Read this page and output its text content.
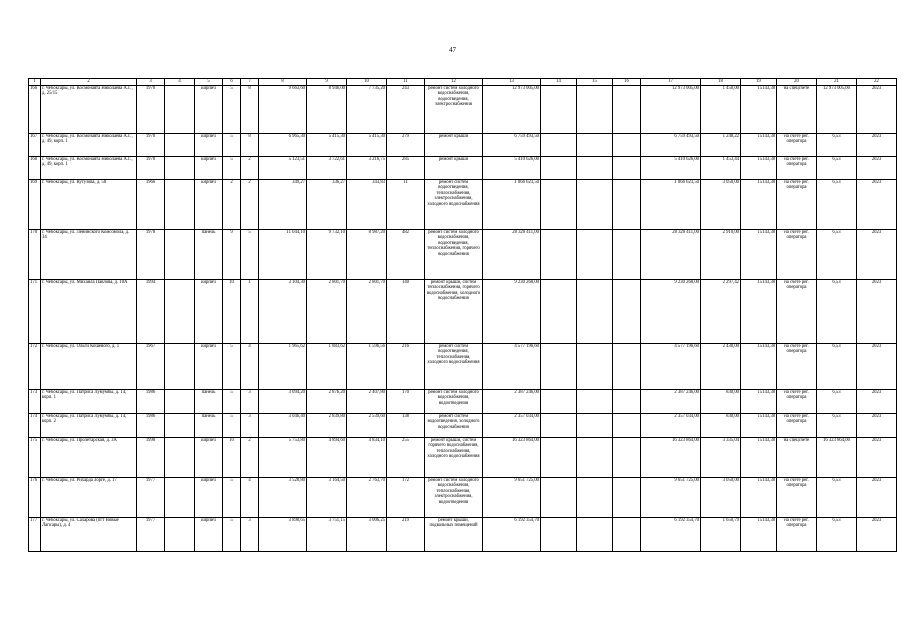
47
1	2	3	4	5	6	7	8	9	10	11	12	13	14	15	16	17	18	19	20	21	22
166	г. Чебоксары, ул. Космонавта Николаева А.Г., д. 25/15	1970		кирпич	5	8	9 663,60	8 946,00	7 735,20	243	ремонт систем холодного водоснабжения, водоотведения, электроснабжения	12 973 005,00				12 973 005,00	1 450,00	15143,38	на спецсчете	12 973 005,00	2023
167	г. Чебоксары, ул. Космонавта Николаева А.Г., д. 49, корп. 1	1970		кирпич	5	8	6 965,30	5 415,30	5 415,30	279	ремонт крыши	6 759 493,50				6 759 493,50	1 248,22	15143,38	на счете рег. оператора	6,53	2023
168	г. Чебоксары, ул. Космонавта Николаева А.Г., д. 49, корп. 1	1970		кирпич	5	2	5 123,51	3 722,61	3 216,75	285	ремонт крыши	5 410 626,00				5 410 626,00	1 453,44	15143,38	на счете рег. оператора	6,53	2023
169	г. Чебоксары, ул. Кутузова, д. 58	1966		кирпич	2	2	349,27	336,27	343,83	11	ремонт систем водоотведения, теплоснабжения, электроснабжения, холодного водоснабжения	1 066 623,50				1 066 623,50	3 050,00	15143,38	на счете рег. оператора	6,53	2023
170	г. Чебоксары, ул. Ленинского Комсомола, д. 34	1978		панель	9	5	11 044,10	9 732,10	8 987,20	482	ремонт систем холодного водоснабжения, водоотведения, теплоснабжения, горячего водоснабжения	28 320 411,00				28 320 411,00	2 910,00	15143,38	на счете рег. оператора	6,53	2023
171	г. Чебоксары, ул. Михаила Павлова, д. 10А	1994		кирпич	10	1	3 104,30	2 801,70	2 801,70	140	ремонт крыши, систем теплоснабжения, горячего водоснабжения, холодного водоснабжения	9 230 268,00				9 230 268,00	2 297,42	15143,38	на счете рег. оператора	6,53	2023
172	г. Чебоксары, ул. Ольги Кошевого, д. 1	1967		кирпич	5	4	1 965,62	1 883,62	1 596,56	216	ремонт систем водоотведения, теплоснабжения, холодного водоснабжения	4 577 196,60				4 577 196,60	2 430,00	15143,38	на счете рег. оператора	6,53	2023
173	г. Чебоксары, ул. Патриса Лумумбы, д. 14, корп. 1	1986		панель	5	3	3 094,20	2 876,20	2 407,80	170	ремонт систем холодного водоснабжения, водоотведения	2 387 246,00				2 387 246,00	830,00	15143,38	на счете рег. оператора	6,53	2023
174	г. Чебоксары, ул. Патриса Лумумбы, д. 14, корп. 2	1986		панель	5	3	3 046,40	2 839,80	2 539,60	138	ремонт систем водоотведения, холодного водоснабжения	2 357 034,00				2 357 034,00	830,00	15143,38	на счете рег. оператора	6,53	2023
175	г. Чебоксары, ул. Пролетарская, д. 3А	1998		кирпич	10	2	5 753,80	4 894,60	4 834,10	255	ремонт крыши, систем горячего водоснабжения, теплоснабжения, холодного водоснабжения	16 323 864,00				16 323 864,00	3 335,04	15143,38	на спецсчете	16 323 864,00	2023
176	г. Чебоксары, ул. Рихарда Зорге, д. 17	1977		кирпич	5	4	3 528,80	3 164,50	2 763,70	172	ремонт систем холодного водоснабжения, теплоснабжения, электроснабжения, водоотведения	9 651 725,00				9 651 725,00	3 050,00	15143,38	на счете рег. оператора	6,53	2023
177	г. Чебоксары, ул. Сахарова (пгт Новые Лапсары), д. 4	1977		кирпич	5	3	3 898,65	3 751,15	3 006,25	219	ремонт крыши, подвальных помещений	6 192 354,70				6 192 354,70	1 650,79	15143,38	на счете рег. оператора	6,53	2023
